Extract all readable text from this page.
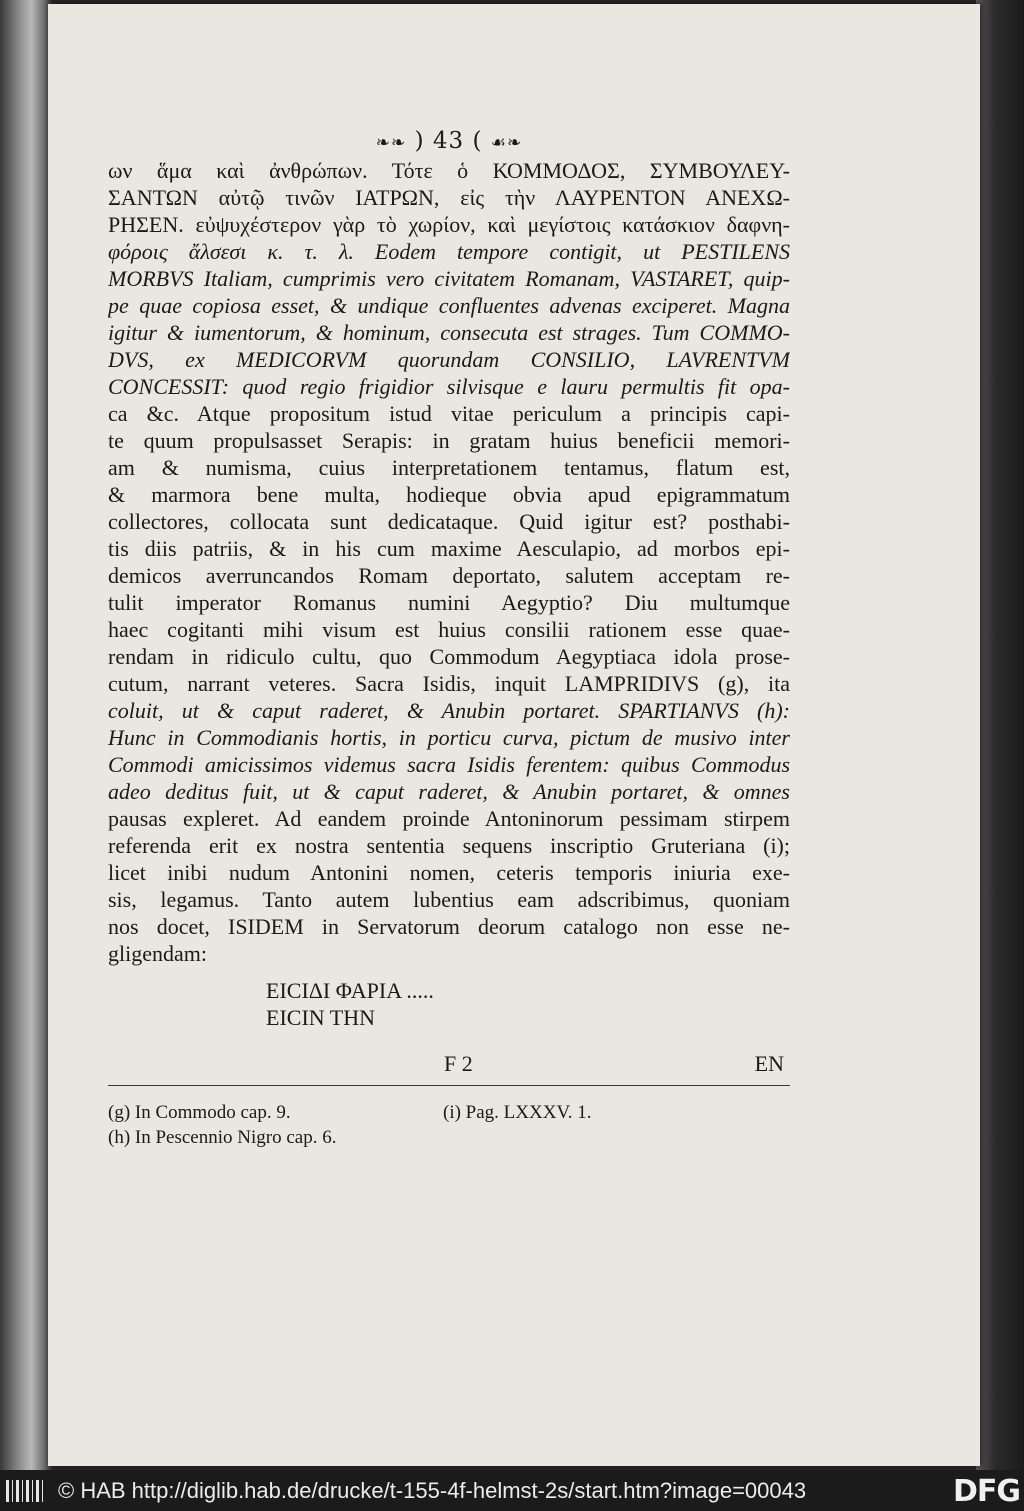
❧❧ ) 43 ( ☙❧
ων ἅμα καὶ ἀνθρώπων. Τότε ὁ ΚΟΜΜΟΔΟΣ, ΣΥΜΒΟΥΛΕΥ-
ΣΑΝΤΩΝ αὐτῷ τινῶν ΙΑΤΡΩΝ, εἰς τὴν ΛΑΥΡΕΝΤΟΝ ΑΝΕΧΩ-
ΡΗΣΕΝ. εὐψυχέστερον γὰρ τὸ χωρίον, καὶ μεγίστοις κατάσκιον δαφνη-
φόροις ἄλσεσι κ. τ. λ. Eodem tempore contigit, ut PESTILENS
MORBVS Italiam, cumprimis vero civitatem Romanam, VASTARET, quip-
pe quae copiosa esset, & undique confluentes advenas exciperet. Magna
igitur & iumentorum, & hominum, consecuta est strages. Tum COMMO-
DVS, ex MEDICORVM quorundam CONSILIO, LAVRENTVM
CONCESSIT: quod regio frigidior silvisque e lauru permultis fit opa-
ca &c. Atque propositum istud vitae periculum a principis capi-
te quum propulsasset Serapis: in gratam huius beneficii memori-
am & numisma, cuius interpretationem tentamus, flatum est,
& marmora bene multa, hodieque obvia apud epigrammatum
collectores, collocata sunt dedicataque. Quid igitur est? posthabi-
tis diis patriis, & in his cum maxime Aesculapio, ad morbos epi-
demicos averruncandos Romam deportato, salutem acceptam re-
tulit imperator Romanus numini Aegyptio? Diu multumque
haec cogitanti mihi visum est huius consilii rationem esse quae-
rendam in ridiculo cultu, quo Commodum Aegyptiaca idola prose-
cutum, narrant veteres. Sacra Isidis, inquit LAMPRIDIVS (g), ita
coluit, ut & caput raderet, & Anubin portaret. SPARTIANVS (h):
Hunc in Commodianis hortis, in porticu curva, pictum de musivo inter
Commodi amicissimos videmus sacra Isidis ferentem: quibus Commodus
adeo deditus fuit, ut & caput raderet, & Anubin portaret, & omnes
pausas expleret. Ad eandem proinde Antoninorum pessimam stirpem
referenda erit ex nostra sententia sequens inscriptio Gruteriana (i);
licet inibi nudum Antonini nomen, ceteris temporis iniuria exe-
sis, legamus. Tanto autem lubentius eam adscribimus, quoniam
nos docet, ISIDEM in Servatorum deorum catalogo non esse ne-
gligendam:
ΕΙCΙΔΙ ΦΑΡΙΑ .....
ΕΙCΙΝ ΤΗΝ
F 2	EN
(g) In Commodo cap. 9.
(h) In Pescennio Nigro cap. 6.
(i) Pag. LXXXV. 1.
© HAB http://diglib.hab.de/drucke/t-155-4f-helmst-2s/start.htm?image=00043	DFG
